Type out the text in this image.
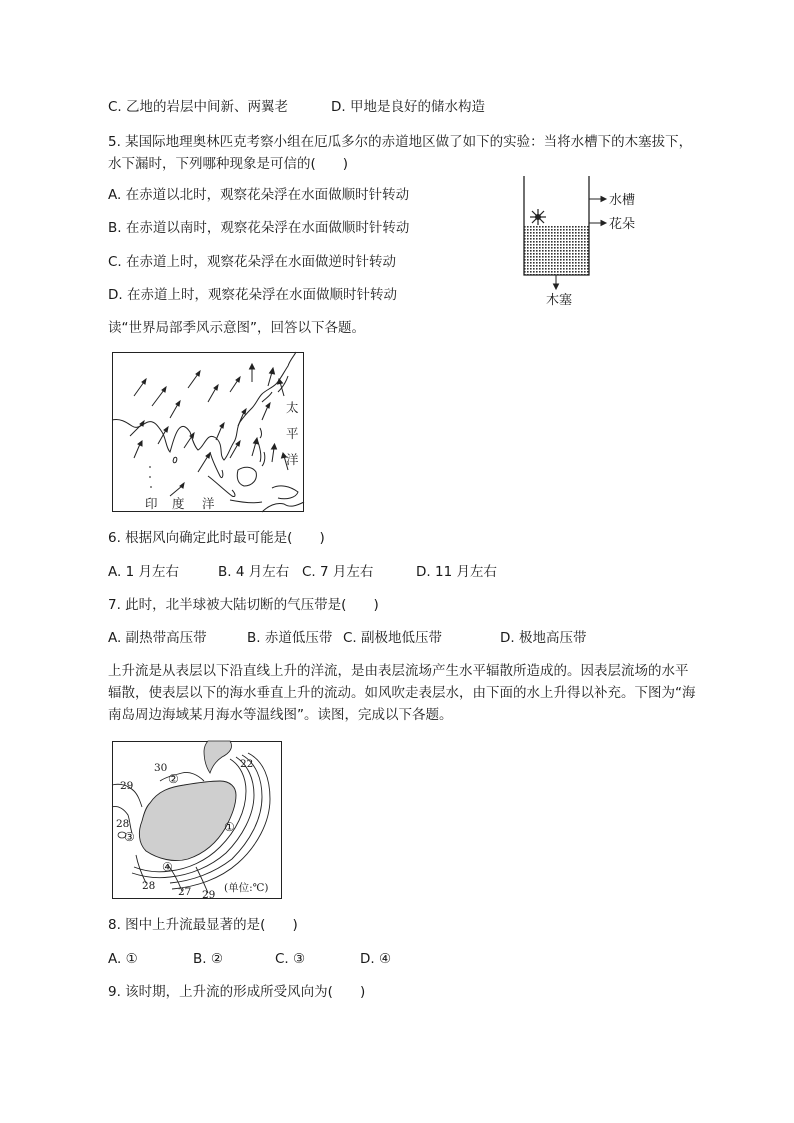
C. 乙地的岩层中间新、两翼老	D. 甲地是良好的储水构造
5. 某国际地理奥林匹克考察小组在厄瓜多尔的赤道地区做了如下的实验：当将水槽下的木塞拔下，水下漏时，下列哪种现象是可信的(　　)
A. 在赤道以北时，观察花朵浮在水面做顺时针转动
B. 在赤道以南时，观察花朵浮在水面做顺时针转动
C. 在赤道上时，观察花朵浮在水面做逆时针转动
D. 在赤道上时，观察花朵浮在水面做顺时针转动
水槽
花朵
木塞
读“世界局部季风示意图”，回答以下各题。
太
平
洋
印 度 洋
6. 根据风向确定此时最可能是(　　)
A. 1 月左右	B. 4 月左右 C. 7 月左右	D. 11 月左右
7. 此时，北半球被大陆切断的气压带是(　　)
A. 副热带高压带	B. 赤道低压带 C. 副极地低压带	D. 极地高压带
上升流是从表层以下沿直线上升的洋流，是由表层流场产生水平辐散所造成的。因表层流场的水平辐散，使表层以下的海水垂直上升的流动。如风吹走表层水，由下面的水上升得以补充。下图为“海南岛周边海域某月海水等温线图”。读图，完成以下各题。
30	22
29
28
28 27 29
①
②
③
④
(单位:℃)
8. 图中上升流最显著的是(　　)
A. ①	B. ②	C. ③	D. ④
9. 该时期，上升流的形成所受风向为(　　)
